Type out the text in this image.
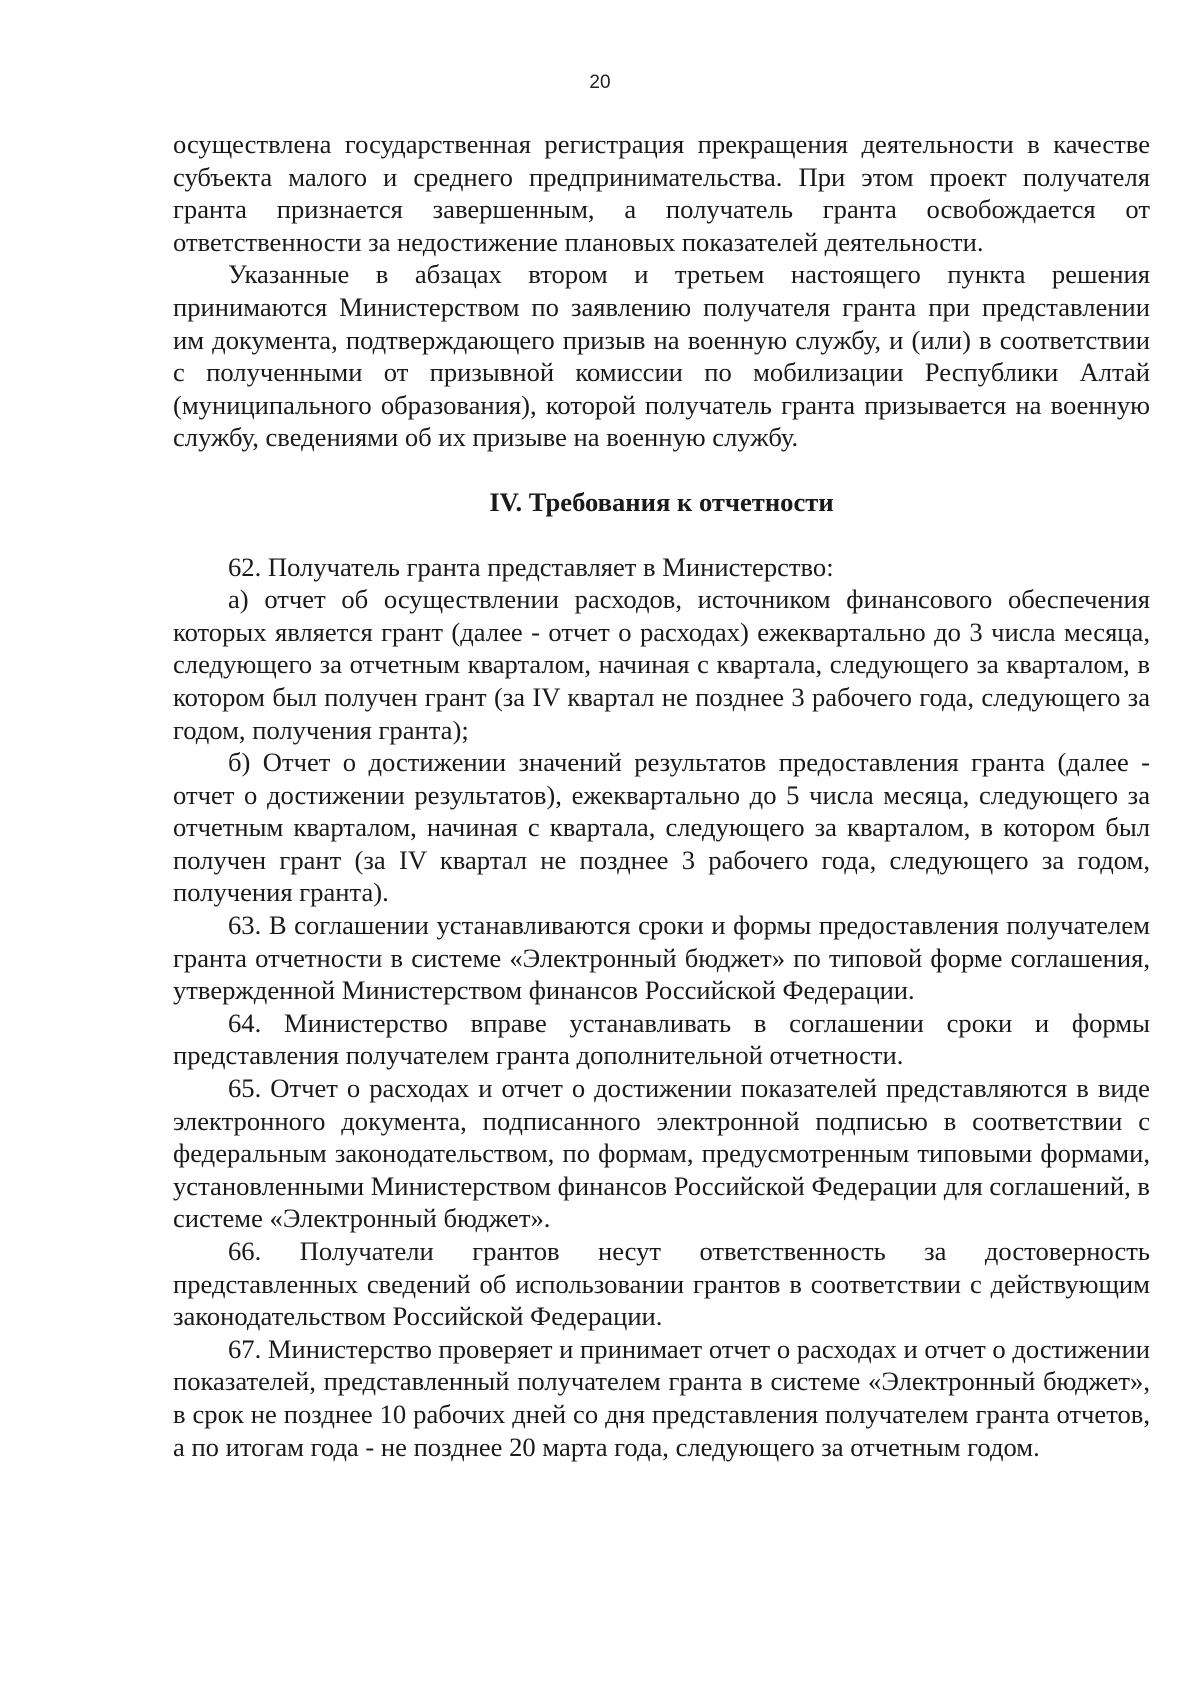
20

осуществлена государственная регистрация прекращения деятельности в качестве субъекта малого и среднего предпринимательства. При этом проект получателя гранта признается завершенным, а получатель гранта освобождается от ответственности за недостижение плановых показателей деятельности.

Указанные в абзацах втором и третьем настоящего пункта решения принимаются Министерством по заявлению получателя гранта при представлении им документа, подтверждающего призыв на военную службу, и (или) в соответствии с полученными от призывной комиссии по мобилизации Республики Алтай (муниципального образования), которой получатель гранта призывается на военную службу, сведениями об их призыве на военную службу.

IV. Требования к отчетности

62. Получатель гранта представляет в Министерство:

а) отчет об осуществлении расходов, источником финансового обеспечения которых является грант (далее - отчет о расходах) ежеквартально до 3 числа месяца, следующего за отчетным кварталом, начиная с квартала, следующего за кварталом, в котором был получен грант (за IV квартал не позднее 3 рабочего года, следующего за годом, получения гранта);

б) Отчет о достижении значений результатов предоставления гранта (далее - отчет о достижении результатов), ежеквартально до 5 числа месяца, следующего за отчетным кварталом, начиная с квартала, следующего за кварталом, в котором был получен грант (за IV квартал не позднее 3 рабочего года, следующего за годом, получения гранта).

63. В соглашении устанавливаются сроки и формы предоставления получателем гранта отчетности в системе «Электронный бюджет» по типовой форме соглашения, утвержденной Министерством финансов Российской Федерации.

64. Министерство вправе устанавливать в соглашении сроки и формы представления получателем гранта дополнительной отчетности.

65. Отчет о расходах и отчет о достижении показателей представляются в виде электронного документа, подписанного электронной подписью в соответствии с федеральным законодательством, по формам, предусмотренным типовыми формами, установленными Министерством финансов Российской Федерации для соглашений, в системе «Электронный бюджет».

66. Получатели грантов несут ответственность за достоверность представленных сведений об использовании грантов в соответствии с действующим законодательством Российской Федерации.

67. Министерство проверяет и принимает отчет о расходах и отчет о достижении показателей, представленный получателем гранта в системе «Электронный бюджет», в срок не позднее 10 рабочих дней со дня представления получателем гранта отчетов, а по итогам года - не позднее 20 марта года, следующего за отчетным годом.
